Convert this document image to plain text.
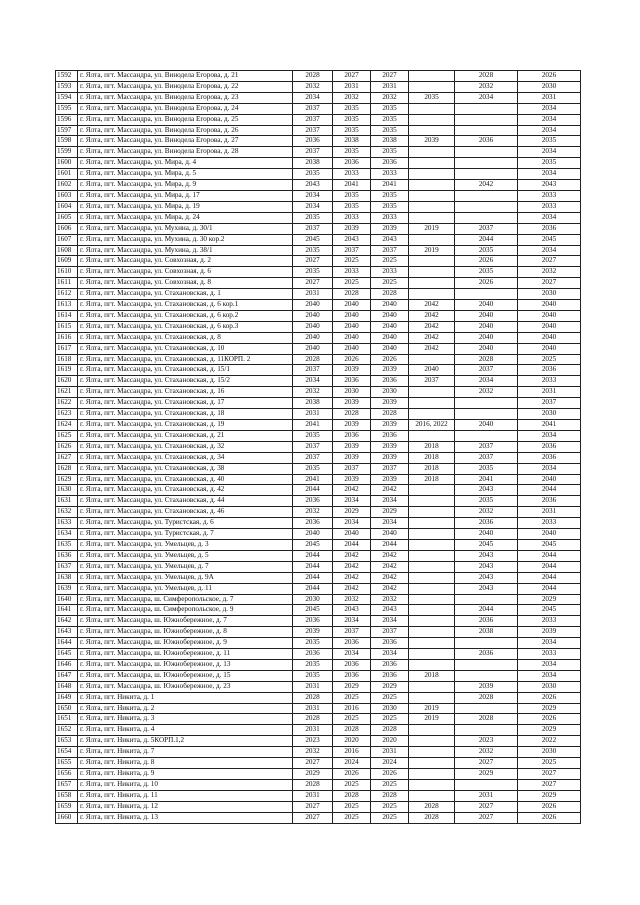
1592	г. Ялта, пгт. Массандра, ул. Винодела Егорова, д. 21	2028	2027	2027		2028	2026
1593	г. Ялта, пгт. Массандра, ул. Винодела Егорова, д. 22	2032	2031	2031		2032	2030
1594	г. Ялта, пгт. Массандра, ул. Винодела Егорова, д. 23	2034	2032	2032	2035	2034	2031
1595	г. Ялта, пгт. Массандра, ул. Винодела Егорова, д. 24	2037	2035	2035			2034
1596	г. Ялта, пгт. Массандра, ул. Винодела Егорова, д. 25	2037	2035	2035			2034
1597	г. Ялта, пгт. Массандра, ул. Винодела Егорова, д. 26	2037	2035	2035			2034
1598	г. Ялта, пгт. Массандра, ул. Винодела Егорова, д. 27	2036	2038	2038	2039	2036	2035
1599	г. Ялта, пгт. Массандра, ул. Винодела Егорова, д. 28	2037	2035	2035			2034
1600	г. Ялта, пгт. Массандра, ул. Мира, д. 4	2038	2036	2036			2035
1601	г. Ялта, пгт. Массандра, ул. Мира, д. 5	2035	2033	2033			2034
1602	г. Ялта, пгт. Массандра, ул. Мира, д. 9	2043	2041	2041		2042	2043
1603	г. Ялта, пгт. Массандра, ул. Мира, д. 17	2034	2035	2035			2033
1604	г. Ялта, пгт. Массандра, ул. Мира, д. 19	2034	2035	2035			2033
1605	г. Ялта, пгт. Массандра, ул. Мира, д. 24	2035	2033	2033			2034
1606	г. Ялта, пгт. Массандра, ул. Мухина, д. 30/1	2037	2039	2039	2019	2037	2036
1607	г. Ялта, пгт. Массандра, ул. Мухина, д. 30 кор.2	2045	2043	2043		2044	2045
1608	г. Ялта, пгт. Массандра, ул. Мухина, д. 38/1	2035	2037	2037	2019	2035	2034
1609	г. Ялта, пгт. Массандра, ул. Совхозная, д. 2	2027	2025	2025		2026	2027
1610	г. Ялта, пгт. Массандра, ул. Совхозная, д. 6	2035	2033	2033		2035	2032
1611	г. Ялта, пгт. Массандра, ул. Совхозная, д. 8	2027	2025	2025		2026	2027
1612	г. Ялта, пгт. Массандра, ул. Стахановская, д. 1	2031	2028	2028			2030
1613	г. Ялта, пгт. Массандра, ул. Стахановская, д. 6 кор.1	2040	2040	2040	2042	2040	2040
1614	г. Ялта, пгт. Массандра, ул. Стахановская, д. 6 кор.2	2040	2040	2040	2042	2040	2040
1615	г. Ялта, пгт. Массандра, ул. Стахановская, д. 6 кор.3	2040	2040	2040	2042	2040	2040
1616	г. Ялта, пгт. Массандра, ул. Стахановская, д. 8	2040	2040	2040	2042	2040	2040
1617	г. Ялта, пгт. Массандра, ул. Стахановская, д. 10	2040	2040	2040	2042	2040	2040
1618	г. Ялта, пгт. Массандра, ул. Стахановская, д. 11КОРП. 2	2028	2026	2026		2028	2025
1619	г. Ялта, пгт. Массандра, ул. Стахановская, д. 15/1	2037	2039	2039	2040	2037	2036
1620	г. Ялта, пгт. Массандра, ул. Стахановская, д. 15/2	2034	2036	2036	2037	2034	2033
1621	г. Ялта, пгт. Массандра, ул. Стахановская, д. 16	2032	2030	2030		2032	2031
1622	г. Ялта, пгт. Массандра, ул. Стахановская, д. 17	2038	2039	2039			2037
1623	г. Ялта, пгт. Массандра, ул. Стахановская, д. 18	2031	2028	2028			2030
1624	г. Ялта, пгт. Массандра, ул. Стахановская, д. 19	2041	2039	2039	2016, 2022	2040	2041
1625	г. Ялта, пгт. Массандра, ул. Стахановская, д. 21	2035	2036	2036			2034
1626	г. Ялта, пгт. Массандра, ул. Стахановская, д. 32	2037	2039	2039	2018	2037	2036
1627	г. Ялта, пгт. Массандра, ул. Стахановская, д. 34	2037	2039	2039	2018	2037	2036
1628	г. Ялта, пгт. Массандра, ул. Стахановская, д. 38	2035	2037	2037	2018	2035	2034
1629	г. Ялта, пгт. Массандра, ул. Стахановская, д. 40	2041	2039	2039	2018	2041	2040
1630	г. Ялта, пгт. Массандра, ул. Стахановская, д. 42	2044	2042	2042		2043	2044
1631	г. Ялта, пгт. Массандра, ул. Стахановская, д. 44	2036	2034	2034		2035	2036
1632	г. Ялта, пгт. Массандра, ул. Стахановская, д. 46	2032	2029	2029		2032	2031
1633	г. Ялта, пгт. Массандра, ул. Туристская, д. 6	2036	2034	2034		2036	2033
1634	г. Ялта, пгт. Массандра, ул. Туристская, д. 7	2040	2040	2040		2040	2040
1635	г. Ялта, пгт. Массандра, ул. Умельцев, д. 3	2045	2044	2044		2045	2045
1636	г. Ялта, пгт. Массандра, ул. Умельцев, д. 5	2044	2042	2042		2043	2044
1637	г. Ялта, пгт. Массандра, ул. Умельцев, д. 7	2044	2042	2042		2043	2044
1638	г. Ялта, пгт. Массандра, ул. Умельцев, д. 9А	2044	2042	2042		2043	2044
1639	г. Ялта, пгт. Массандра, ул. Умельцев, д. 11	2044	2042	2042		2043	2044
1640	г. Ялта, пгт. Массандра, ш. Симферопольское, д. 7	2030	2032	2032			2029
1641	г. Ялта, пгт. Массандра, ш. Симферопольское, д. 9	2045	2043	2043		2044	2045
1642	г. Ялта, пгт. Массандра, ш. Южнобережное, д. 7	2036	2034	2034		2036	2033
1643	г. Ялта, пгт. Массандра, ш. Южнобережное, д. 8	2039	2037	2037		2038	2039
1644	г. Ялта, пгт. Массандра, ш. Южнобережное, д. 9	2035	2036	2036			2034
1645	г. Ялта, пгт. Массандра, ш. Южнобережное, д. 11	2036	2034	2034		2036	2033
1646	г. Ялта, пгт. Массандра, ш. Южнобережное, д. 13	2035	2036	2036			2034
1647	г. Ялта, пгт. Массандра, ш. Южнобережное, д. 15	2035	2036	2036	2018		2034
1648	г. Ялта, пгт. Массандра, ш. Южнобережное, д. 23	2031	2029	2029		2039	2030
1649	г. Ялта, пгт. Никита, д. 1	2028	2025	2025		2028	2026
1650	г. Ялта, пгт. Никита, д. 2	2031	2016	2030	2019		2029
1651	г. Ялта, пгт. Никита, д. 3	2028	2025	2025	2019	2028	2026
1652	г. Ялта, пгт. Никита, д. 4	2031	2028	2028			2029
1653	г. Ялта, пгт. Никита, д. 5КОРП.1,2	2023	2020	2020		2023	2022
1654	г. Ялта, пгт. Никита, д. 7	2032	2016	2031		2032	2030
1655	г. Ялта, пгт. Никита, д. 8	2027	2024	2024		2027	2025
1656	г. Ялта, пгт. Никита, д. 9	2029	2026	2026		2029	2027
1657	г. Ялта, пгт. Никита, д. 10	2028	2025	2025			2027
1658	г. Ялта, пгт. Никита, д. 11	2031	2028	2028		2031	2029
1659	г. Ялта, пгт. Никита, д. 12	2027	2025	2025	2028	2027	2026
1660	г. Ялта, пгт. Никита, д. 13	2027	2025	2025	2028	2027	2026
